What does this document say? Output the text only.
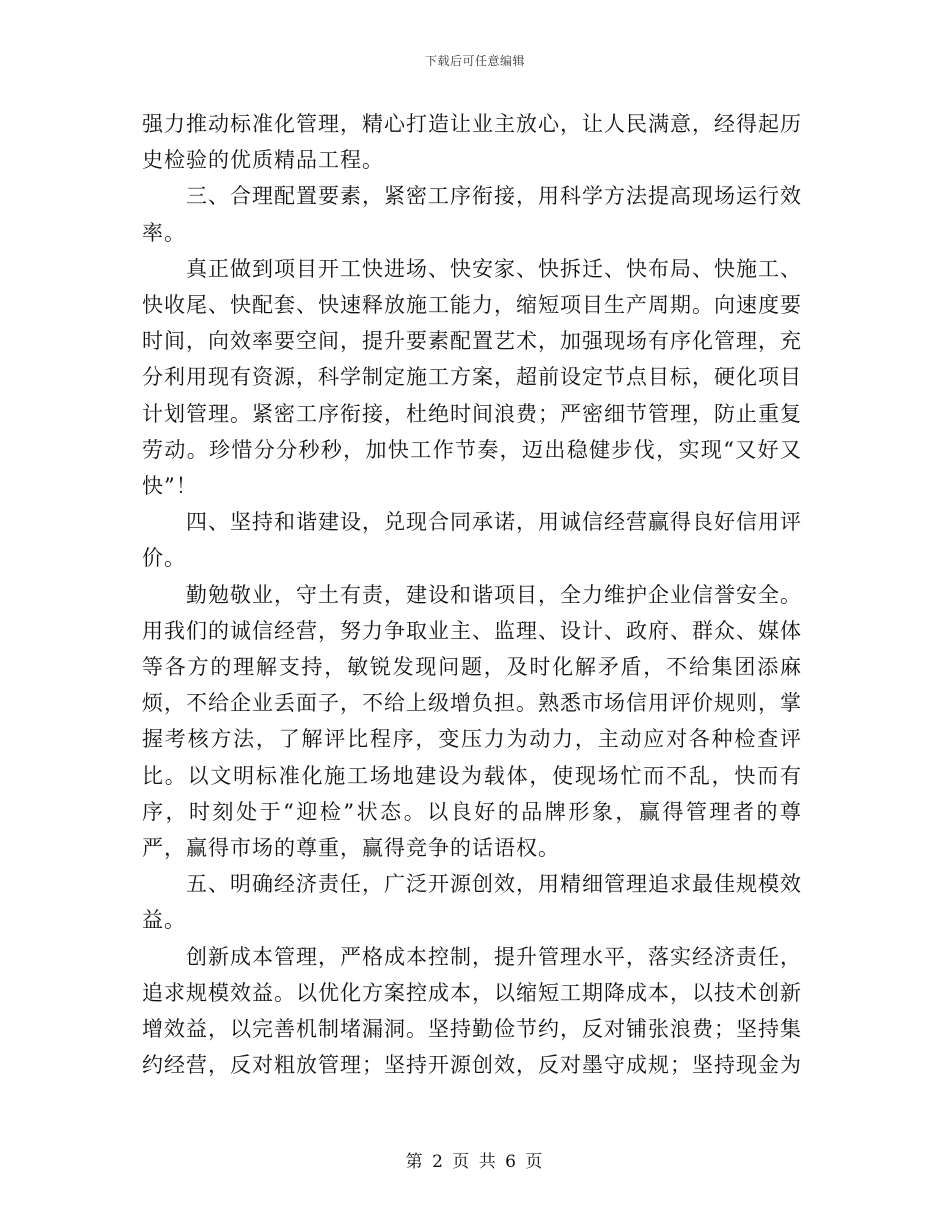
下载后可任意编辑

强力推动标准化管理，精心打造让业主放心，让人民满意，经得起历史检验的优质精品工程。

三、合理配置要素，紧密工序衔接，用科学方法提高现场运行效率。

真正做到项目开工快进场、快安家、快拆迁、快布局、快施工、快收尾、快配套、快速释放施工能力，缩短项目生产周期。向速度要时间，向效率要空间，提升要素配置艺术，加强现场有序化管理，充分利用现有资源，科学制定施工方案，超前设定节点目标，硬化项目计划管理。紧密工序衔接，杜绝时间浪费；严密细节管理，防止重复劳动。珍惜分分秒秒，加快工作节奏，迈出稳健步伐，实现“又好又快”！

四、坚持和谐建设，兑现合同承诺，用诚信经营赢得良好信用评价。

勤勉敬业，守土有责，建设和谐项目，全力维护企业信誉安全。用我们的诚信经营，努力争取业主、监理、设计、政府、群众、媒体等各方的理解支持，敏锐发现问题，及时化解矛盾，不给集团添麻烦，不给企业丢面子，不给上级增负担。熟悉市场信用评价规则，掌握考核方法，了解评比程序，变压力为动力，主动应对各种检查评比。以文明标准化施工场地建设为载体，使现场忙而不乱，快而有序，时刻处于“迎检”状态。以良好的品牌形象，赢得管理者的尊严，赢得市场的尊重，赢得竞争的话语权。

五、明确经济责任，广泛开源创效，用精细管理追求最佳规模效益。

创新成本管理，严格成本控制，提升管理水平，落实经济责任，追求规模效益。以优化方案控成本，以缩短工期降成本，以技术创新增效益，以完善机制堵漏洞。坚持勤俭节约，反对铺张浪费；坚持集约经营，反对粗放管理；坚持开源创效，反对墨守成规；坚持现金为

第 2 页 共 6 页
